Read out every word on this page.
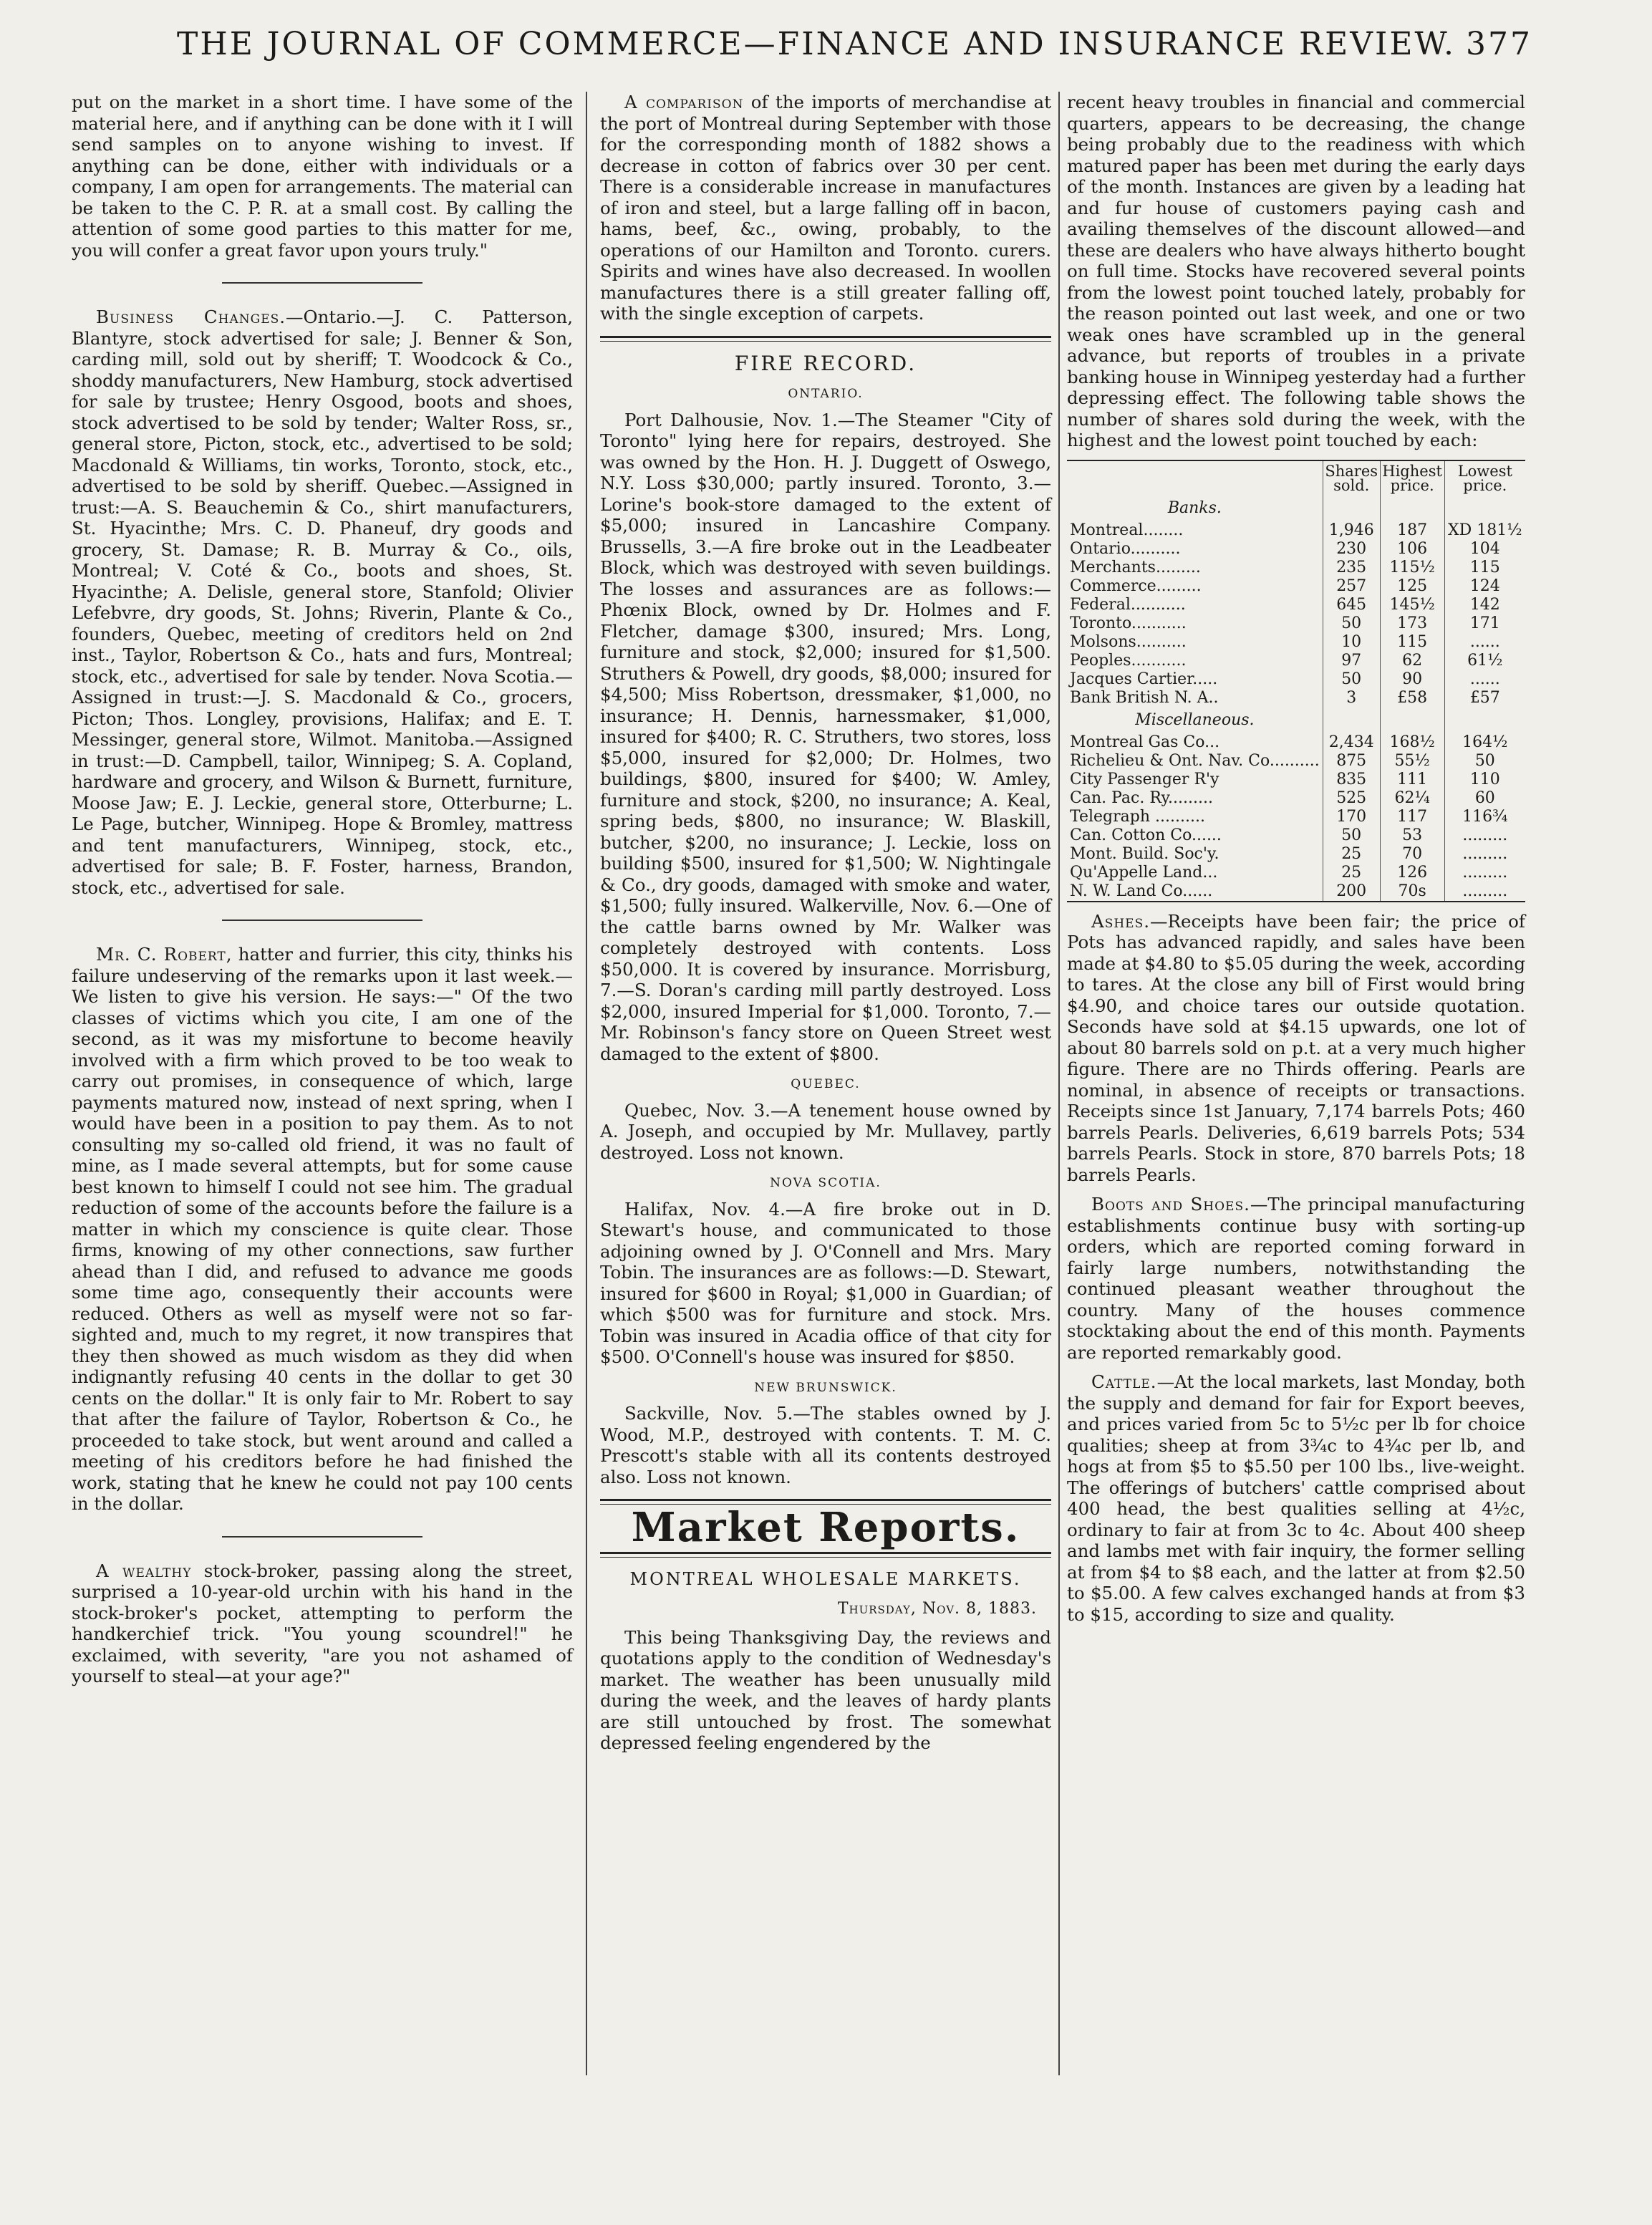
THE JOURNAL OF COMMERCE—FINANCE AND INSURANCE REVIEW. 377

put on the market in a short time. I have some of the material here, and if anything can be done with it I will send samples on to anyone wishing to invest. If anything can be done, either with individuals or a company, I am open for arrangements. The material can be taken to the C. P. R. at a small cost. By calling the attention of some good parties to this matter for me, you will confer a great favor upon yours truly."

Business Changes.—Ontario.—J. C. Patterson, Blantyre, stock advertised for sale; J. Benner & Son, carding mill, sold out by sheriff; T. Woodcock & Co., shoddy manufacturers, New Hamburg, stock advertised for sale by trustee; Henry Osgood, boots and shoes, stock advertised to be sold by tender; Walter Ross, sr., general store, Picton, stock, etc., advertised to be sold; Macdonald & Williams, tin works, Toronto, stock, etc., advertised to be sold by sheriff. Quebec.—Assigned in trust:—A. S. Beauchemin & Co., shirt manufacturers, St. Hyacinthe; Mrs. C. D. Phaneuf, dry goods and grocery, St. Damase; R. B. Murray & Co., oils, Montreal; V. Coté & Co., boots and shoes, St. Hyacinthe; A. Delisle, general store, Stanfold; Olivier Lefebvre, dry goods, St. Johns; Riverin, Plante & Co., founders, Quebec, meeting of creditors held on 2nd inst., Taylor, Robertson & Co., hats and furs, Montreal; stock, etc., advertised for sale by tender. Nova Scotia.—Assigned in trust:—J. S. Macdonald & Co., grocers, Picton; Thos. Longley, provisions, Halifax; and E. T. Messinger, general store, Wilmot. Manitoba.—Assigned in trust:—D. Campbell, tailor, Winnipeg; S. A. Copland, hardware and grocery, and Wilson & Burnett, furniture, Moose Jaw; E. J. Leckie, general store, Otterburne; L. Le Page, butcher, Winnipeg. Hope & Bromley, mattress and tent manufacturers, Winnipeg, stock, etc., advertised for sale; B. F. Foster, harness, Brandon, stock, etc., advertised for sale.

Mr. C. Robert, hatter and furrier, this city, thinks his failure undeserving of the remarks upon it last week.—We listen to give his version. He says:—" Of the two classes of victims which you cite, I am one of the second, as it was my misfortune to become heavily involved with a firm which proved to be too weak to carry out promises, in consequence of which, large payments matured now, instead of next spring, when I would have been in a position to pay them. As to not consulting my so-called old friend, it was no fault of mine, as I made several attempts, but for some cause best known to himself I could not see him. The gradual reduction of some of the accounts before the failure is a matter in which my conscience is quite clear. Those firms, knowing of my other connections, saw further ahead than I did, and refused to advance me goods some time ago, consequently their accounts were reduced. Others as well as myself were not so far-sighted and, much to my regret, it now transpires that they then showed as much wisdom as they did when indignantly refusing 40 cents in the dollar to get 30 cents on the dollar." It is only fair to Mr. Robert to say that after the failure of Taylor, Robertson & Co., he proceeded to take stock, but went around and called a meeting of his creditors before he had finished the work, stating that he knew he could not pay 100 cents in the dollar.

A wealthy stock-broker, passing along the street, surprised a 10-year-old urchin with his hand in the stock-broker's pocket, attempting to perform the handkerchief trick. "You young scoundrel!" he exclaimed, with severity, "are you not ashamed of yourself to steal—at your age?"

A comparison of the imports of merchandise at the port of Montreal during September with those for the corresponding month of 1882 shows a decrease in cotton of fabrics over 30 per cent. There is a considerable increase in manufactures of iron and steel, but a large falling off in bacon, hams, beef, &c., owing, probably, to the operations of our Hamilton and Toronto. curers. Spirits and wines have also decreased. In woollen manufactures there is a still greater falling off, with the single exception of carpets.

FIRE RECORD.
ONTARIO.

Port Dalhousie, Nov. 1.—The Steamer "City of Toronto" lying here for repairs, destroyed. She was owned by the Hon. H. J. Duggett of Oswego, N.Y. Loss $30,000; partly insured. Toronto, 3.—Lorine's book-store damaged to the extent of $5,000; insured in Lancashire Company. Brussells, 3.—A fire broke out in the Leadbeater Block, which was destroyed with seven buildings. The losses and assurances are as follows:—Phœnix Block, owned by Dr. Holmes and F. Fletcher, damage $300, insured; Mrs. Long, furniture and stock, $2,000; insured for $1,500. Struthers & Powell, dry goods, $8,000; insured for $4,500; Miss Robertson, dressmaker, $1,000, no insurance; H. Dennis, harnessmaker, $1,000, insured for $400; R. C. Struthers, two stores, loss $5,000, insured for $2,000; Dr. Holmes, two buildings, $800, insured for $400; W. Amley, furniture and stock, $200, no insurance; A. Keal, spring beds, $800, no insurance; W. Blaskill, butcher, $200, no insurance; J. Leckie, loss on building $500, insured for $1,500; W. Nightingale & Co., dry goods, damaged with smoke and water, $1,500; fully insured. Walkerville, Nov. 6.—One of the cattle barns owned by Mr. Walker was completely destroyed with contents. Loss $50,000. It is covered by insurance. Morrisburg, 7.—S. Doran's carding mill partly destroyed. Loss $2,000, insured Imperial for $1,000. Toronto, 7.—Mr. Robinson's fancy store on Queen Street west damaged to the extent of $800.

QUEBEC.

Quebec, Nov. 3.—A tenement house owned by A. Joseph, and occupied by Mr. Mullavey, partly destroyed. Loss not known.

NOVA SCOTIA.

Halifax, Nov. 4.—A fire broke out in D. Stewart's house, and communicated to those adjoining owned by J. O'Connell and Mrs. Mary Tobin. The insurances are as follows:—D. Stewart, insured for $600 in Royal; $1,000 in Guardian; of which $500 was for furniture and stock. Mrs. Tobin was insured in Acadia office of that city for $500. O'Connell's house was insured for $850.

NEW BRUNSWICK.

Sackville, Nov. 5.—The stables owned by J. Wood, M.P., destroyed with contents. T. M. C. Prescott's stable with all its contents destroyed also. Loss not known.

Market Reports.
MONTREAL WHOLESALE MARKETS.
Thursday, Nov. 8, 1883.

This being Thanksgiving Day, the reviews and quotations apply to the condition of Wednesday's market. The weather has been unusually mild during the week, and the leaves of hardy plants are still untouched by frost. The somewhat depressed feeling engendered by the

recent heavy troubles in financial and commercial quarters, appears to be decreasing, the change being probably due to the readiness with which matured paper has been met during the early days of the month. Instances are given by a leading hat and fur house of customers paying cash and availing themselves of the discount allowed—and these are dealers who have always hitherto bought on full time. Stocks have recovered several points from the lowest point touched lately, probably for the reason pointed out last week, and one or two weak ones have scrambled up in the general advance, but reports of troubles in a private banking house in Winnipeg yesterday had a further depressing effect. The following table shows the number of shares sold during the week, with the highest and the lowest point touched by each:

	Shares sold.	Highest price.	Lowest price.
Banks.			
Montreal........	1,946	187	XD 181½
Ontario..........	230	106	104
Merchants.........	235	115½	115
Commerce.........	257	125	124
Federal...........	645	145½	142
Toronto...........	50	173	171
Molsons..........	10	115	......
Peoples...........	97	62	61½
Jacques Cartier.....	50	90	......
Bank British N. A..	3	£58	£57
Miscellaneous.			
Montreal Gas Co...	2,434	168½	164½
Richelieu & Ont. Nav. Co..........	875	55½	50
City Passenger R'y	835	111	110
Can. Pac. Ry.........	525	62¼	60
Telegraph ..........	170	117	116¾
Can. Cotton Co......	50	53	.........
Mont. Build. Soc'y.	25	70	.........
Qu'Appelle Land...	25	126	.........
N. W. Land Co......	200	70s	.........

Ashes.—Receipts have been fair; the price of Pots has advanced rapidly, and sales have been made at $4.80 to $5.05 during the week, according to tares. At the close any bill of First would bring $4.90, and choice tares our outside quotation. Seconds have sold at $4.15 upwards, one lot of about 80 barrels sold on p.t. at a very much higher figure. There are no Thirds offering. Pearls are nominal, in absence of receipts or transactions. Receipts since 1st January, 7,174 barrels Pots; 460 barrels Pearls. Deliveries, 6,619 barrels Pots; 534 barrels Pearls. Stock in store, 870 barrels Pots; 18 barrels Pearls.

Boots and Shoes.—The principal manufacturing establishments continue busy with sorting-up orders, which are reported coming forward in fairly large numbers, notwithstanding the continued pleasant weather throughout the country. Many of the houses commence stocktaking about the end of this month. Payments are reported remarkably good.

Cattle.—At the local markets, last Monday, both the supply and demand for fair for Export beeves, and prices varied from 5c to 5½c per lb for choice qualities; sheep at from 3¾c to 4¾c per lb, and hogs at from $5 to $5.50 per 100 lbs., live-weight. The offerings of butchers' cattle comprised about 400 head, the best qualities selling at 4½c, ordinary to fair at from 3c to 4c. About 400 sheep and lambs met with fair inquiry, the former selling at from $4 to $8 each, and the latter at from $2.50 to $5.00. A few calves exchanged hands at from $3 to $15, according to size and quality.
